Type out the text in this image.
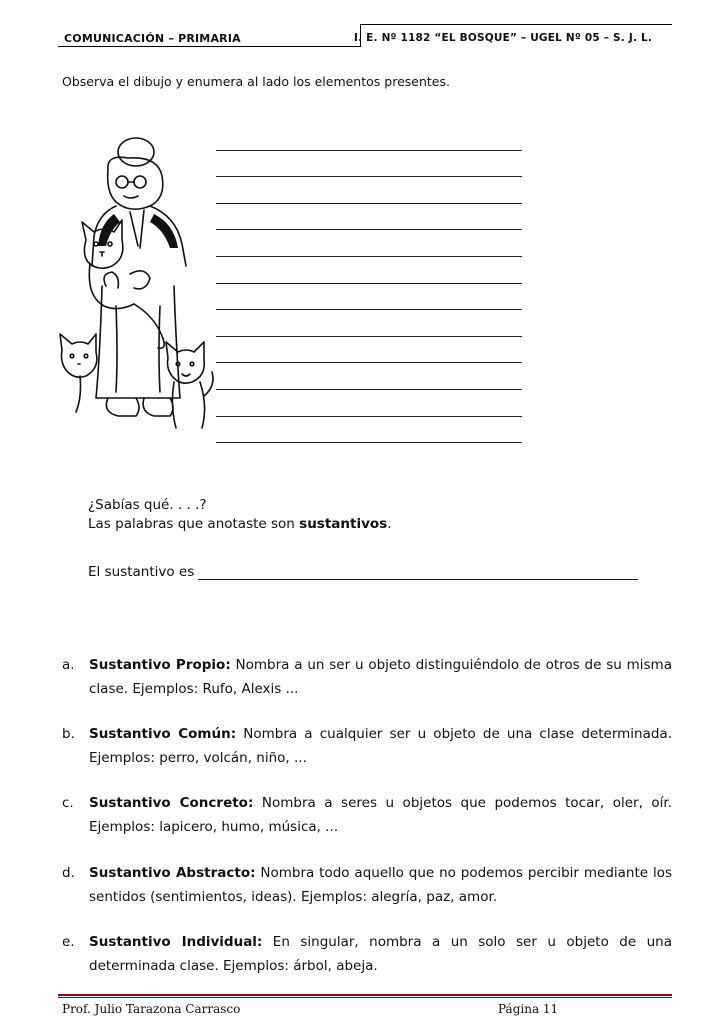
COMUNICACIÓN – PRIMARIA	I. E. Nº 1182 “EL BOSQUE” – UGEL Nº 05 – S. J. L.
Observa el dibujo y enumera al lado los elementos presentes.
¿Sabías qué. . . .?
Las palabras que anotaste son sustantivos.
El sustantivo es
a. Sustantivo Propio: Nombra a un ser u objeto distinguiéndolo de otros de su misma clase. Ejemplos: Rufo, Alexis ...
b. Sustantivo Común: Nombra a cualquier ser u objeto de una clase determinada. Ejemplos: perro, volcán, niño, ...
c. Sustantivo Concreto: Nombra a seres u objetos que podemos tocar, oler, oír. Ejemplos: lapicero, humo, música, ...
d. Sustantivo Abstracto: Nombra todo aquello que no podemos percibir mediante los sentidos (sentimientos, ideas). Ejemplos: alegría, paz, amor.
e. Sustantivo Individual: En singular, nombra a un solo ser u objeto de una determinada clase. Ejemplos: árbol, abeja.
Prof. Julio Tarazona Carrasco	Página 11
